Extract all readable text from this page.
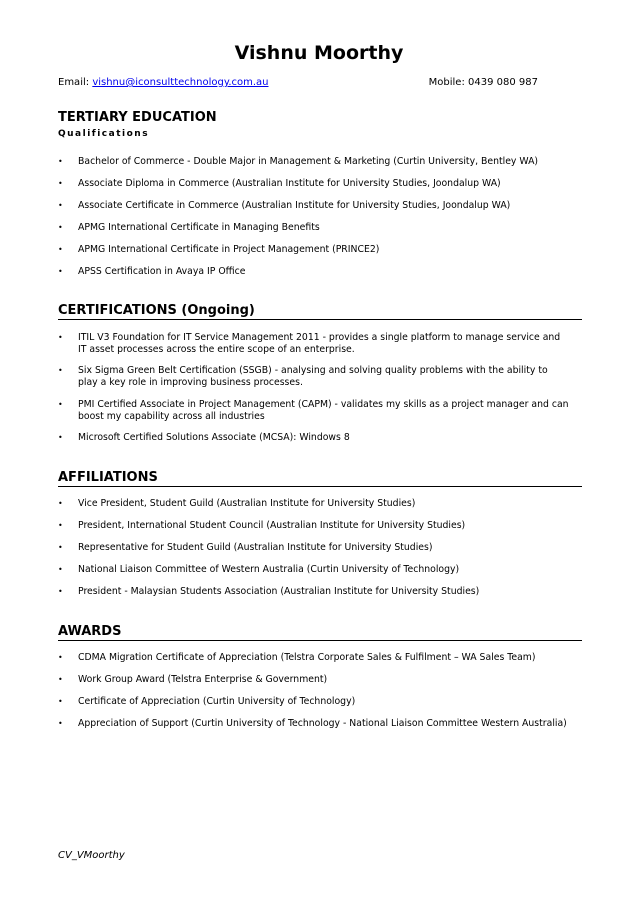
Vishnu Moorthy
Email: vishnu@iconsulttechnology.com.au	Mobile: 0439 080 987
TERTIARY EDUCATION
Qualifications
•	Bachelor of Commerce - Double Major in Management & Marketing (Curtin University, Bentley WA)
•	Associate Diploma in Commerce (Australian Institute for University Studies, Joondalup WA)
•	Associate Certificate in Commerce (Australian Institute for University Studies, Joondalup WA)
•	APMG International Certificate in Managing Benefits
•	APMG International Certificate in Project Management (PRINCE2)
•	APSS Certification in Avaya IP Office
CERTIFICATIONS (Ongoing)
•	ITIL V3 Foundation for IT Service Management 2011 - provides a single platform to manage service and IT asset processes across the entire scope of an enterprise.
•	Six Sigma Green Belt Certification (SSGB) - analysing and solving quality problems with the ability to play a key role in improving business processes.
•	PMI Certified Associate in Project Management (CAPM) - validates my skills as a project manager and can boost my capability across all industries
•	Microsoft Certified Solutions Associate (MCSA): Windows 8
AFFILIATIONS
•	Vice President, Student Guild (Australian Institute for University Studies)
•	President, International Student Council (Australian Institute for University Studies)
•	Representative for Student Guild (Australian Institute for University Studies)
•	National Liaison Committee of Western Australia (Curtin University of Technology)
•	President - Malaysian Students Association (Australian Institute for University Studies)
AWARDS
•	CDMA Migration Certificate of Appreciation (Telstra Corporate Sales & Fulfilment – WA Sales Team)
•	Work Group Award (Telstra Enterprise & Government)
•	Certificate of Appreciation (Curtin University of Technology)
•	Appreciation of Support (Curtin University of Technology - National Liaison Committee Western Australia)
CV_VMoorthy
